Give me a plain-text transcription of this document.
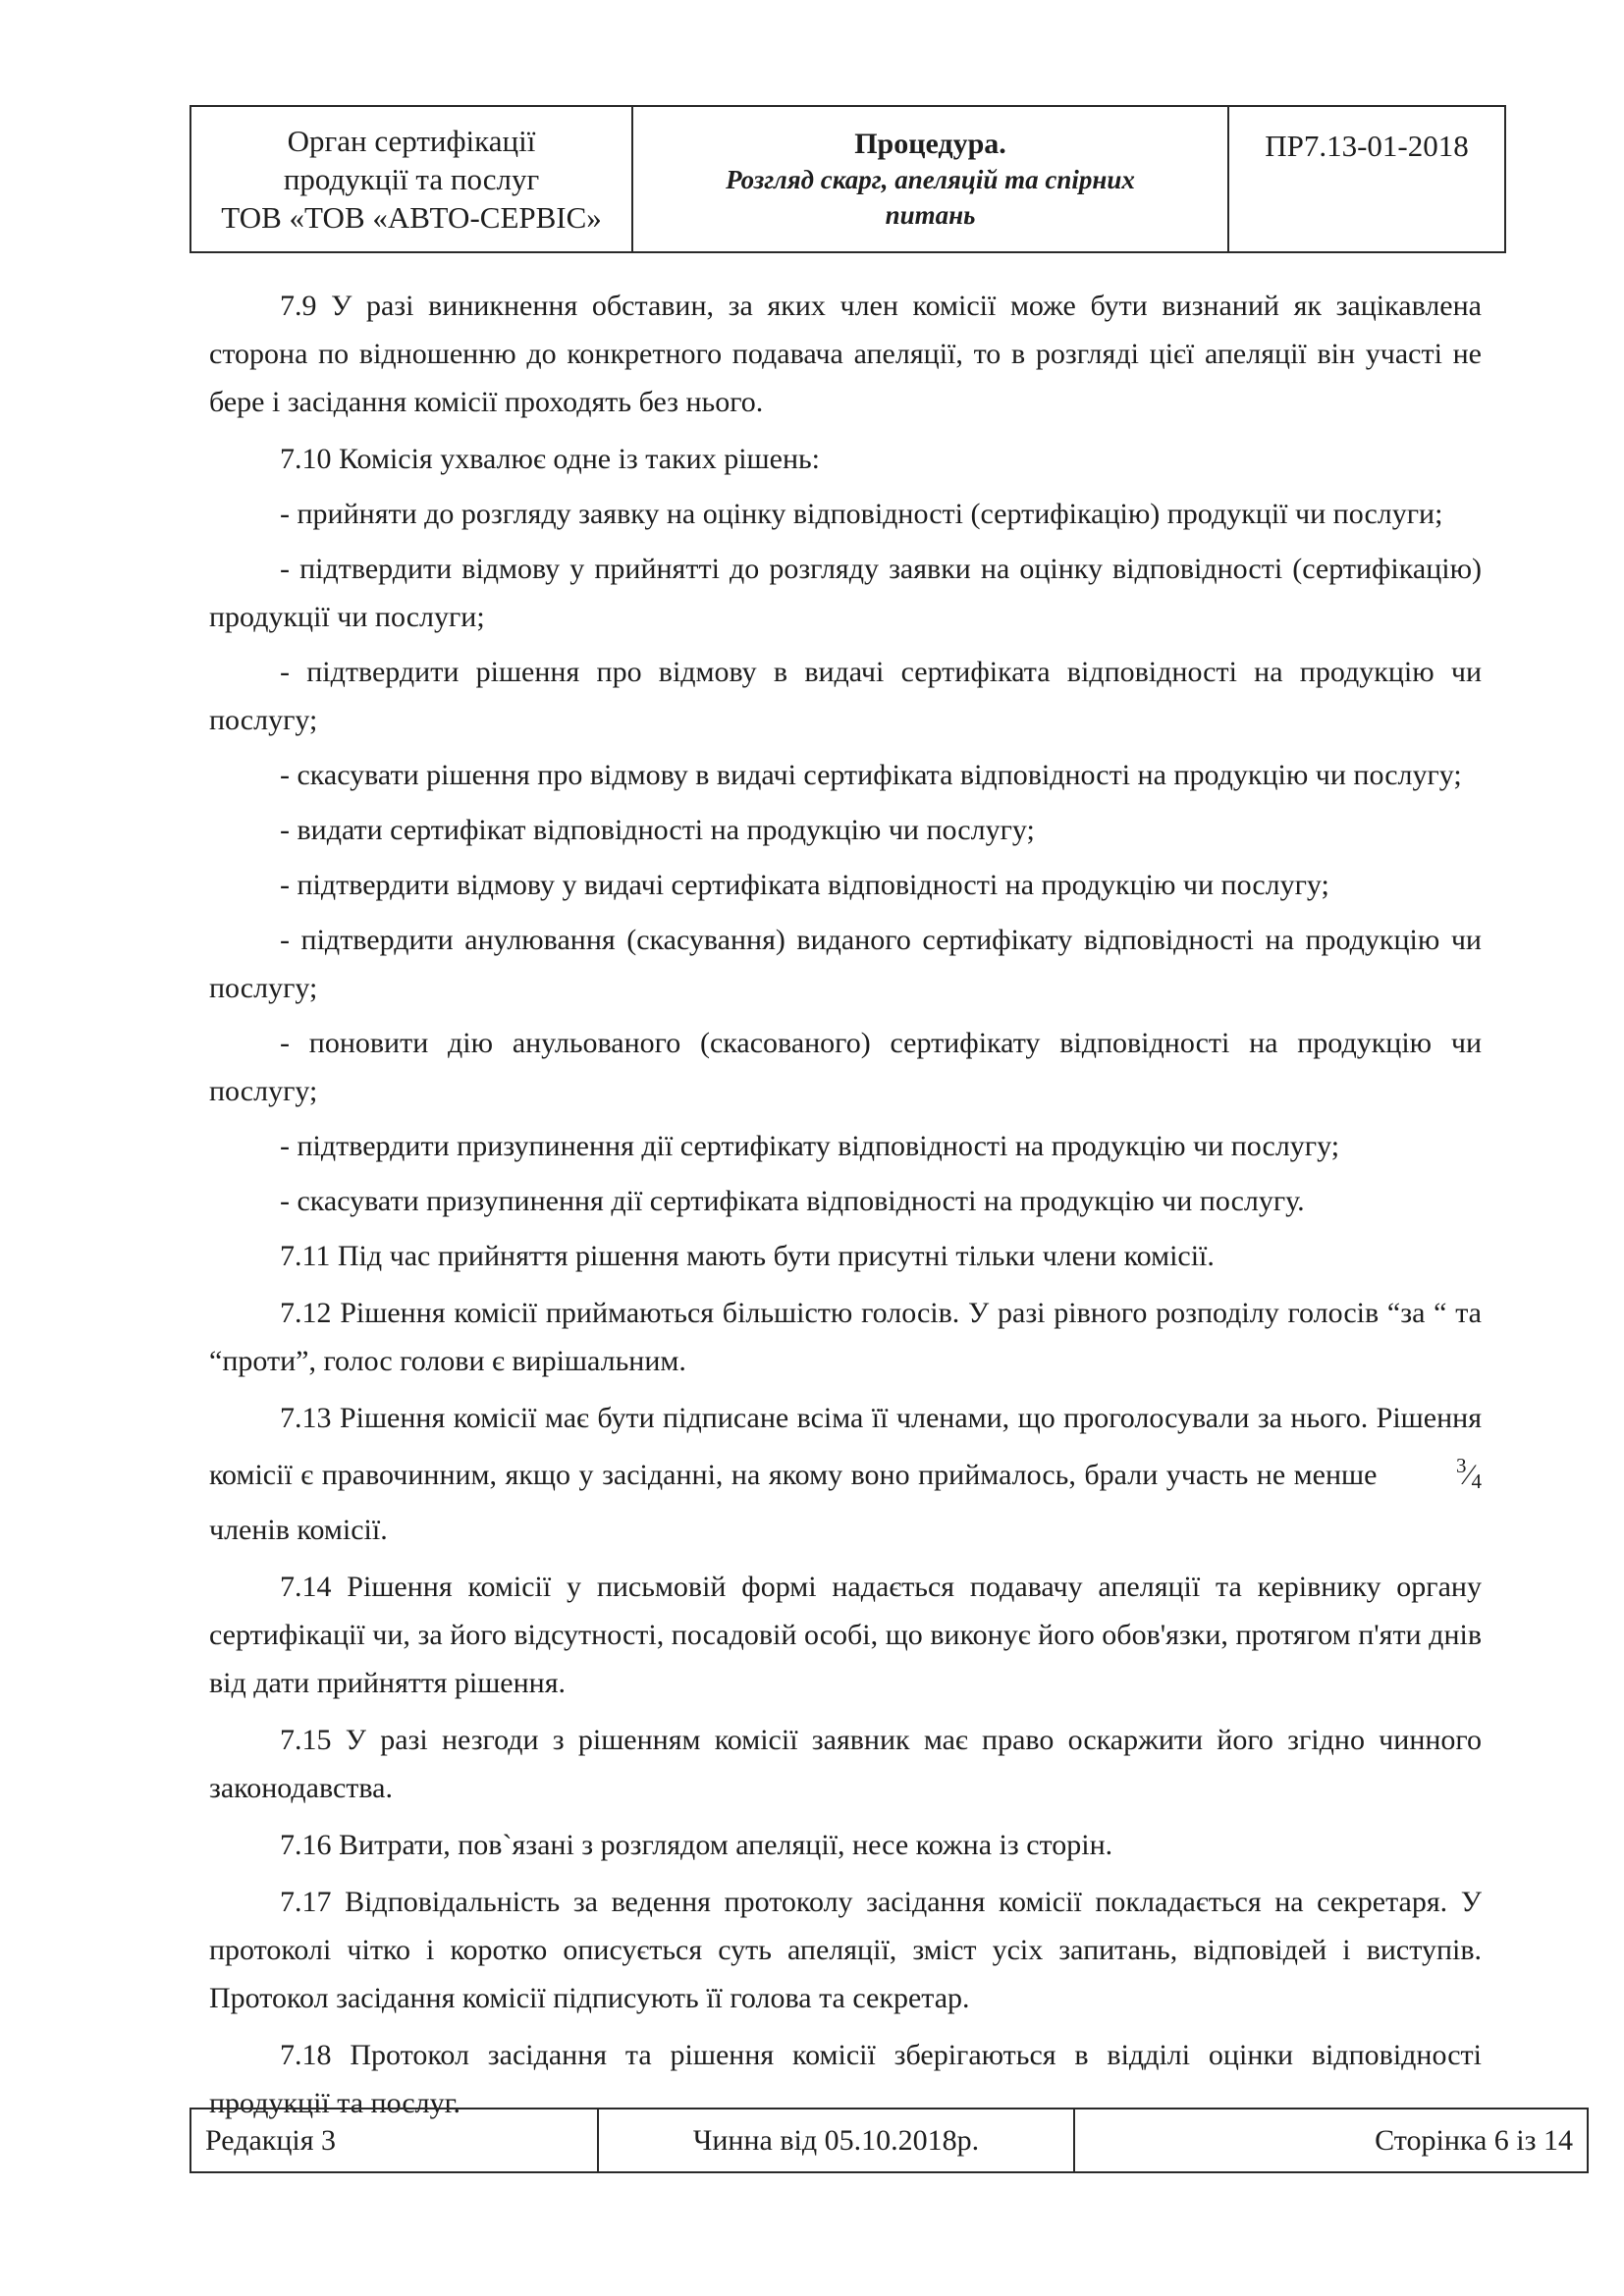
Орган сертифікації
продукції та послуг
ТОВ «ТОВ «АВТО-СЕРВІС»

Процедура.
Розгляд скарг, апеляцій та спірних
питань
	ПР7.13-01-2018

7.9 У разі виникнення обставин, за яких член комісії може бути визнаний як зацікавлена сторона по відношенню до конкретного подавача апеляції, то в розгляді цієї апеляції він участі не бере і засідання комісії проходять без нього.

7.10 Комісія ухвалює одне із таких рішень:

- прийняти до розгляду заявку на оцінку відповідності (сертифікацію) продукції чи послуги;

- підтвердити відмову у прийнятті до розгляду заявки на оцінку відповідності (сертифікацію) продукції чи послуги;

- підтвердити рішення про відмову в видачі сертифіката відповідності на продукцію чи послугу;

- скасувати рішення про відмову в видачі сертифіката відповідності на продукцію чи послугу;

- видати сертифікат відповідності на продукцію чи послугу;

- підтвердити відмову у видачі сертифіката відповідності на продукцію чи послугу;

- підтвердити анулювання (скасування) виданого сертифікату відповідності на продукцію чи послугу;

- поновити дію анульованого (скасованого) сертифікату відповідності на продукцію чи послугу;

- підтвердити призупинення дії сертифікату відповідності на продукцію чи послугу;

- скасувати призупинення дії сертифіката відповідності на продукцію чи послугу.

7.11 Під час прийняття рішення мають бути присутні тільки члени комісії.

7.12 Рішення комісії приймаються більшістю голосів. У разі рівного розподілу голосів “за “ та “проти”, голос голови є вирішальним.

7.13 Рішення комісії має бути підписане всіма її членами, що проголосували за нього. Рішення комісії є правочинним, якщо у засіданні, на якому воно приймалось, брали участь не менше	$^3⁄_4$ членів комісії.

7.14 Рішення комісії у письмовій формі надається подавачу апеляції та керівнику органу сертифікації чи, за його відсутності, посадовій особі, що виконує його обов'язки, протягом п'яти днів від дати прийняття рішення.

7.15 У разі незгоди з рішенням комісії заявник має право оскаржити його згідно чинного законодавства.

7.16 Витрати, пов`язані з розглядом апеляції, несе кожна із сторін.

7.17 Відповідальність за ведення протоколу засідання комісії покладається на секретаря. У протоколі чітко і коротко описується суть апеляції, зміст усіх запитань, відповідей і виступів. Протокол засідання комісії підписують її голова та секретар.

7.18 Протокол засідання та рішення комісії зберігаються в відділі оцінки відповідності продукції та послуг.

Редакція 3	Чинна від 05.10.2018р.	Сторінка 6 із 14
